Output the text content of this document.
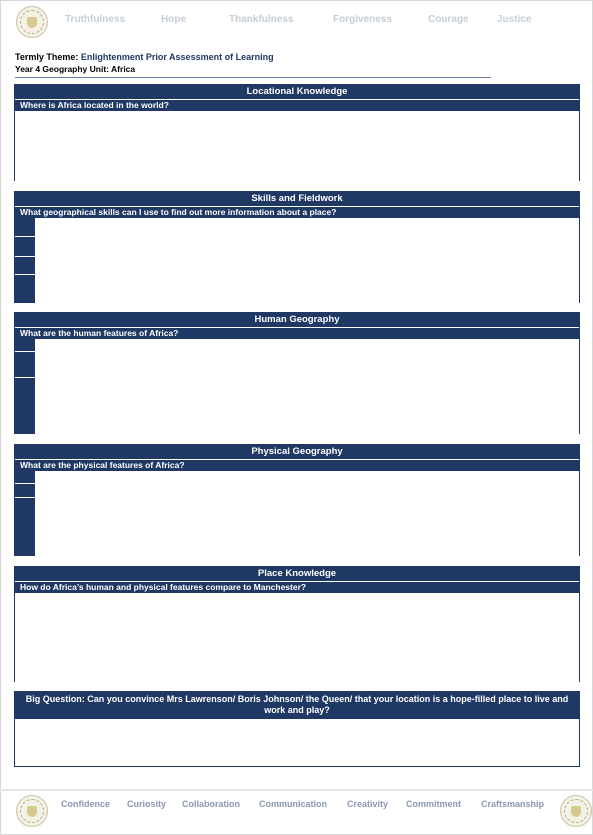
Truthfulness	Hope	Thankfulness	Forgiveness	Courage	Justice
Termly Theme: Enlightenment Prior Assessment of Learning
Year 4 Geography Unit: Africa
Locational Knowledge
Where is Africa located in the world?
Skills and Fieldwork
What geographical skills can I use to find out more information about a place?
Human Geography
What are the human features of Africa?
Physical Geography
What are the physical features of Africa?
Place Knowledge
How do Africa’s human and physical features compare to Manchester?
Big Question: Can you convince Mrs Lawrenson/ Boris Johnson/ the Queen/ that your location is a hope-filled place to live and work and play?
Confidence Curiosity Collaboration Communication Creativity Commitment Craftsmanship
